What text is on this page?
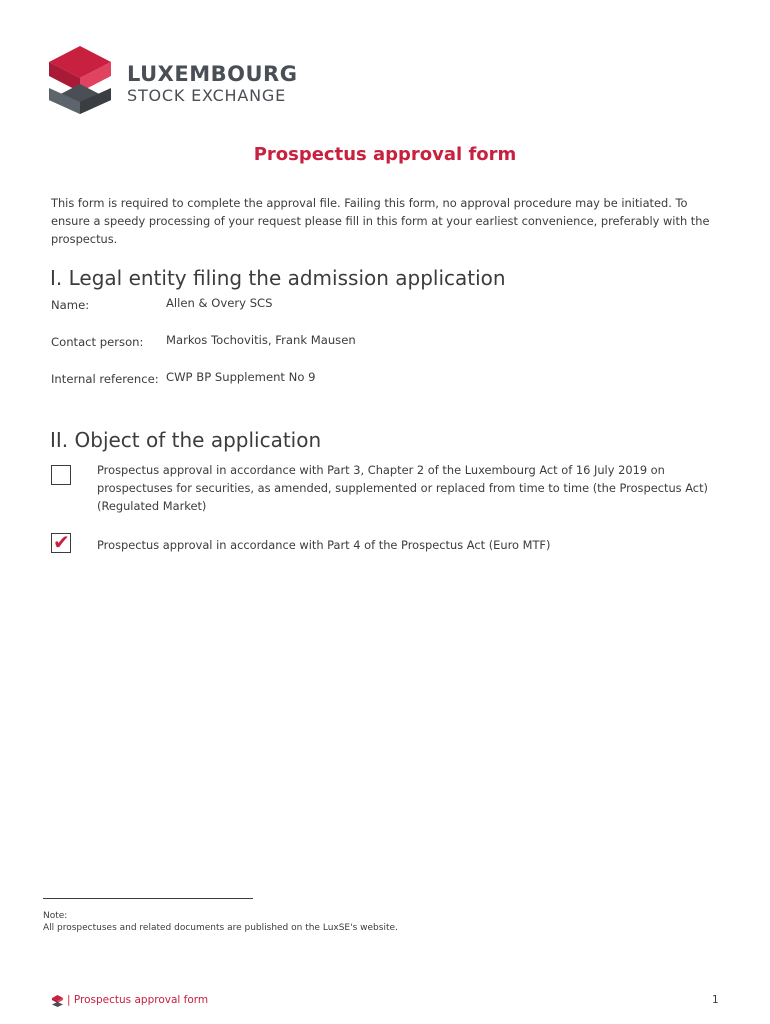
LUXEMBOURG
STOCK EXCHANGE
Prospectus approval form
This form is required to complete the approval file. Failing this form, no approval procedure may be initiated. To ensure a speedy processing of your request please fill in this form at your earliest convenience, preferably with the prospectus.
I. Legal entity filing the admission application
Name:	Allen & Overy SCS
Contact person: Markos Tochovitis, Frank Mausen
Internal reference: CWP BP Supplement No 9
II. Object of the application
Prospectus approval in accordance with Part 3, Chapter 2 of the Luxembourg Act of 16 July 2019 on prospectuses for securities, as amended, supplemented or replaced from time to time (the Prospectus Act) (Regulated Market)
✔ Prospectus approval in accordance with Part 4 of the Prospectus Act (Euro MTF)
Note:
All prospectuses and related documents are published on the LuxSE's website.
| Prospectus approval form	1
